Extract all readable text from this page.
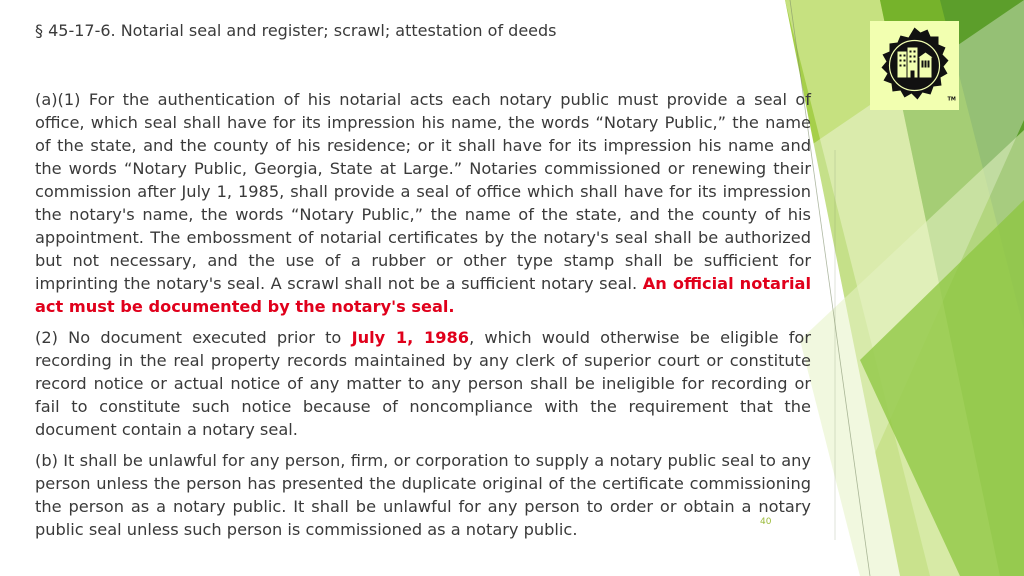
§ 45-17-6. Notarial seal and register; scrawl; attestation of deeds

(a)(1) For the authentication of his notarial acts each notary public must provide a seal of office, which seal shall have for its impression his name, the words “Notary Public,” the name of the state, and the county of his residence; or it shall have for its impression his name and the words “Notary Public, Georgia, State at Large.” Notaries commissioned or renewing their commission after July 1, 1985, shall provide a seal of office which shall have for its impression the notary's name, the words “Notary Public,” the name of the state, and the county of his appointment. The embossment of notarial certificates by the notary's seal shall be authorized but not necessary, and the use of a rubber or other type stamp shall be sufficient for imprinting the notary's seal. A scrawl shall not be a sufficient notary seal. An official notarial act must be documented by the notary's seal.

(2) No document executed prior to July 1, 1986, which would otherwise be eligible for recording in the real property records maintained by any clerk of superior court or constitute record notice or actual notice of any matter to any person shall be ineligible for recording or fail to constitute such notice because of noncompliance with the requirement that the document contain a notary seal.

(b) It shall be unlawful for any person, firm, or corporation to supply a notary public seal to any person unless the person has presented the duplicate original of the certificate commissioning the person as a notary public. It shall be unlawful for any person to order or obtain a notary public seal unless such person is commissioned as a notary public.

TM
40
